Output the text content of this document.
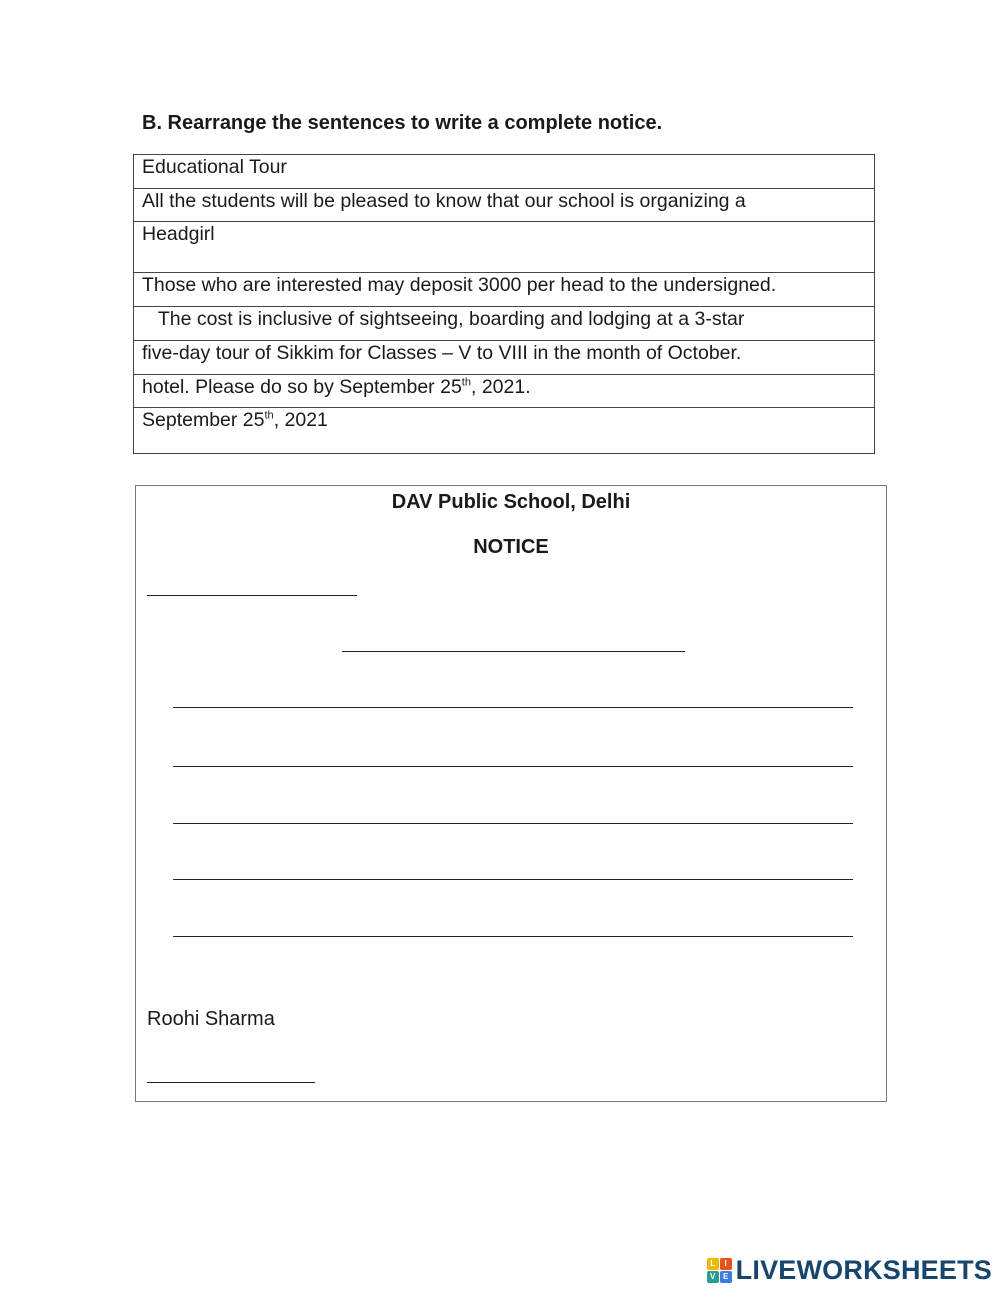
B. Rearrange the sentences to write a complete notice.

Educational Tour
All the students will be pleased to know that our school is organizing a
Headgirl
Those who are interested may deposit 3000 per head to the undersigned.
The cost is inclusive of sightseeing, boarding and lodging at a 3-star
five-day tour of Sikkim for Classes – V to VIII in the month of October.
hotel. Please do so by September 25th, 2021.
September 25th, 2021

DAV Public School, Delhi

NOTICE

Roohi Sharma
L	I
V E LIVEWORKSHEETS
